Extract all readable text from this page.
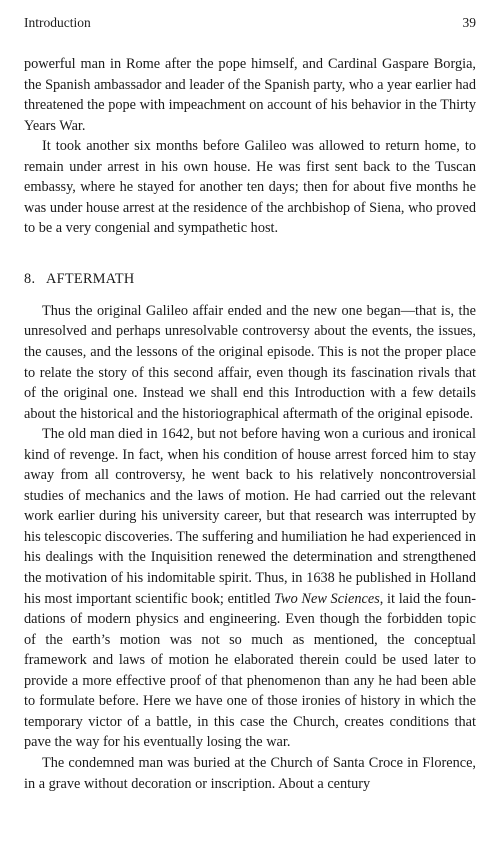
Introduction	39

powerful man in Rome after the pope himself, and Cardinal Gaspare Borgia, the Spanish ambassador and leader of the Spanish party, who a year earlier had threatened the pope with impeachment on account of his behavior in the Thirty Years War.

It took another six months before Galileo was allowed to return home, to remain under arrest in his own house. He was first sent back to the Tuscan embassy, where he stayed for another ten days; then for about five months he was under house arrest at the residence of the archbishop of Siena, who proved to be a very congenial and sympathetic host.

8. AFTERMATH

Thus the original Galileo affair ended and the new one began—that is, the unresolved and perhaps unresolvable controversy about the events, the issues, the causes, and the lessons of the original episode. This is not the proper place to relate the story of this second affair, even though its fascination rivals that of the original one. Instead we shall end this Introduction with a few details about the historical and the historiographical aftermath of the original episode.

The old man died in 1642, but not before having won a curious and ironical kind of revenge. In fact, when his condition of house arrest forced him to stay away from all controversy, he went back to his relatively noncontroversial studies of mechanics and the laws of motion. He had carried out the relevant work earlier during his university career, but that research was interrupted by his telescopic discoveries. The suffering and humiliation he had experienced in his dealings with the Inquisition renewed the determination and strengthened the motivation of his indomitable spirit. Thus, in 1638 he published in Holland his most important scientific book; entitled Two New Sciences, it laid the foundations of modern physics and engineering. Even though the forbidden topic of the earth’s motion was not so much as mentioned, the conceptual framework and laws of motion he elaborated therein could be used later to provide a more effective proof of that phenomenon than any he had been able to formulate before. Here we have one of those ironies of history in which the temporary victor of a battle, in this case the Church, creates conditions that pave the way for his eventually losing the war.

The condemned man was buried at the Church of Santa Croce in Florence, in a grave without decoration or inscription. About a century
